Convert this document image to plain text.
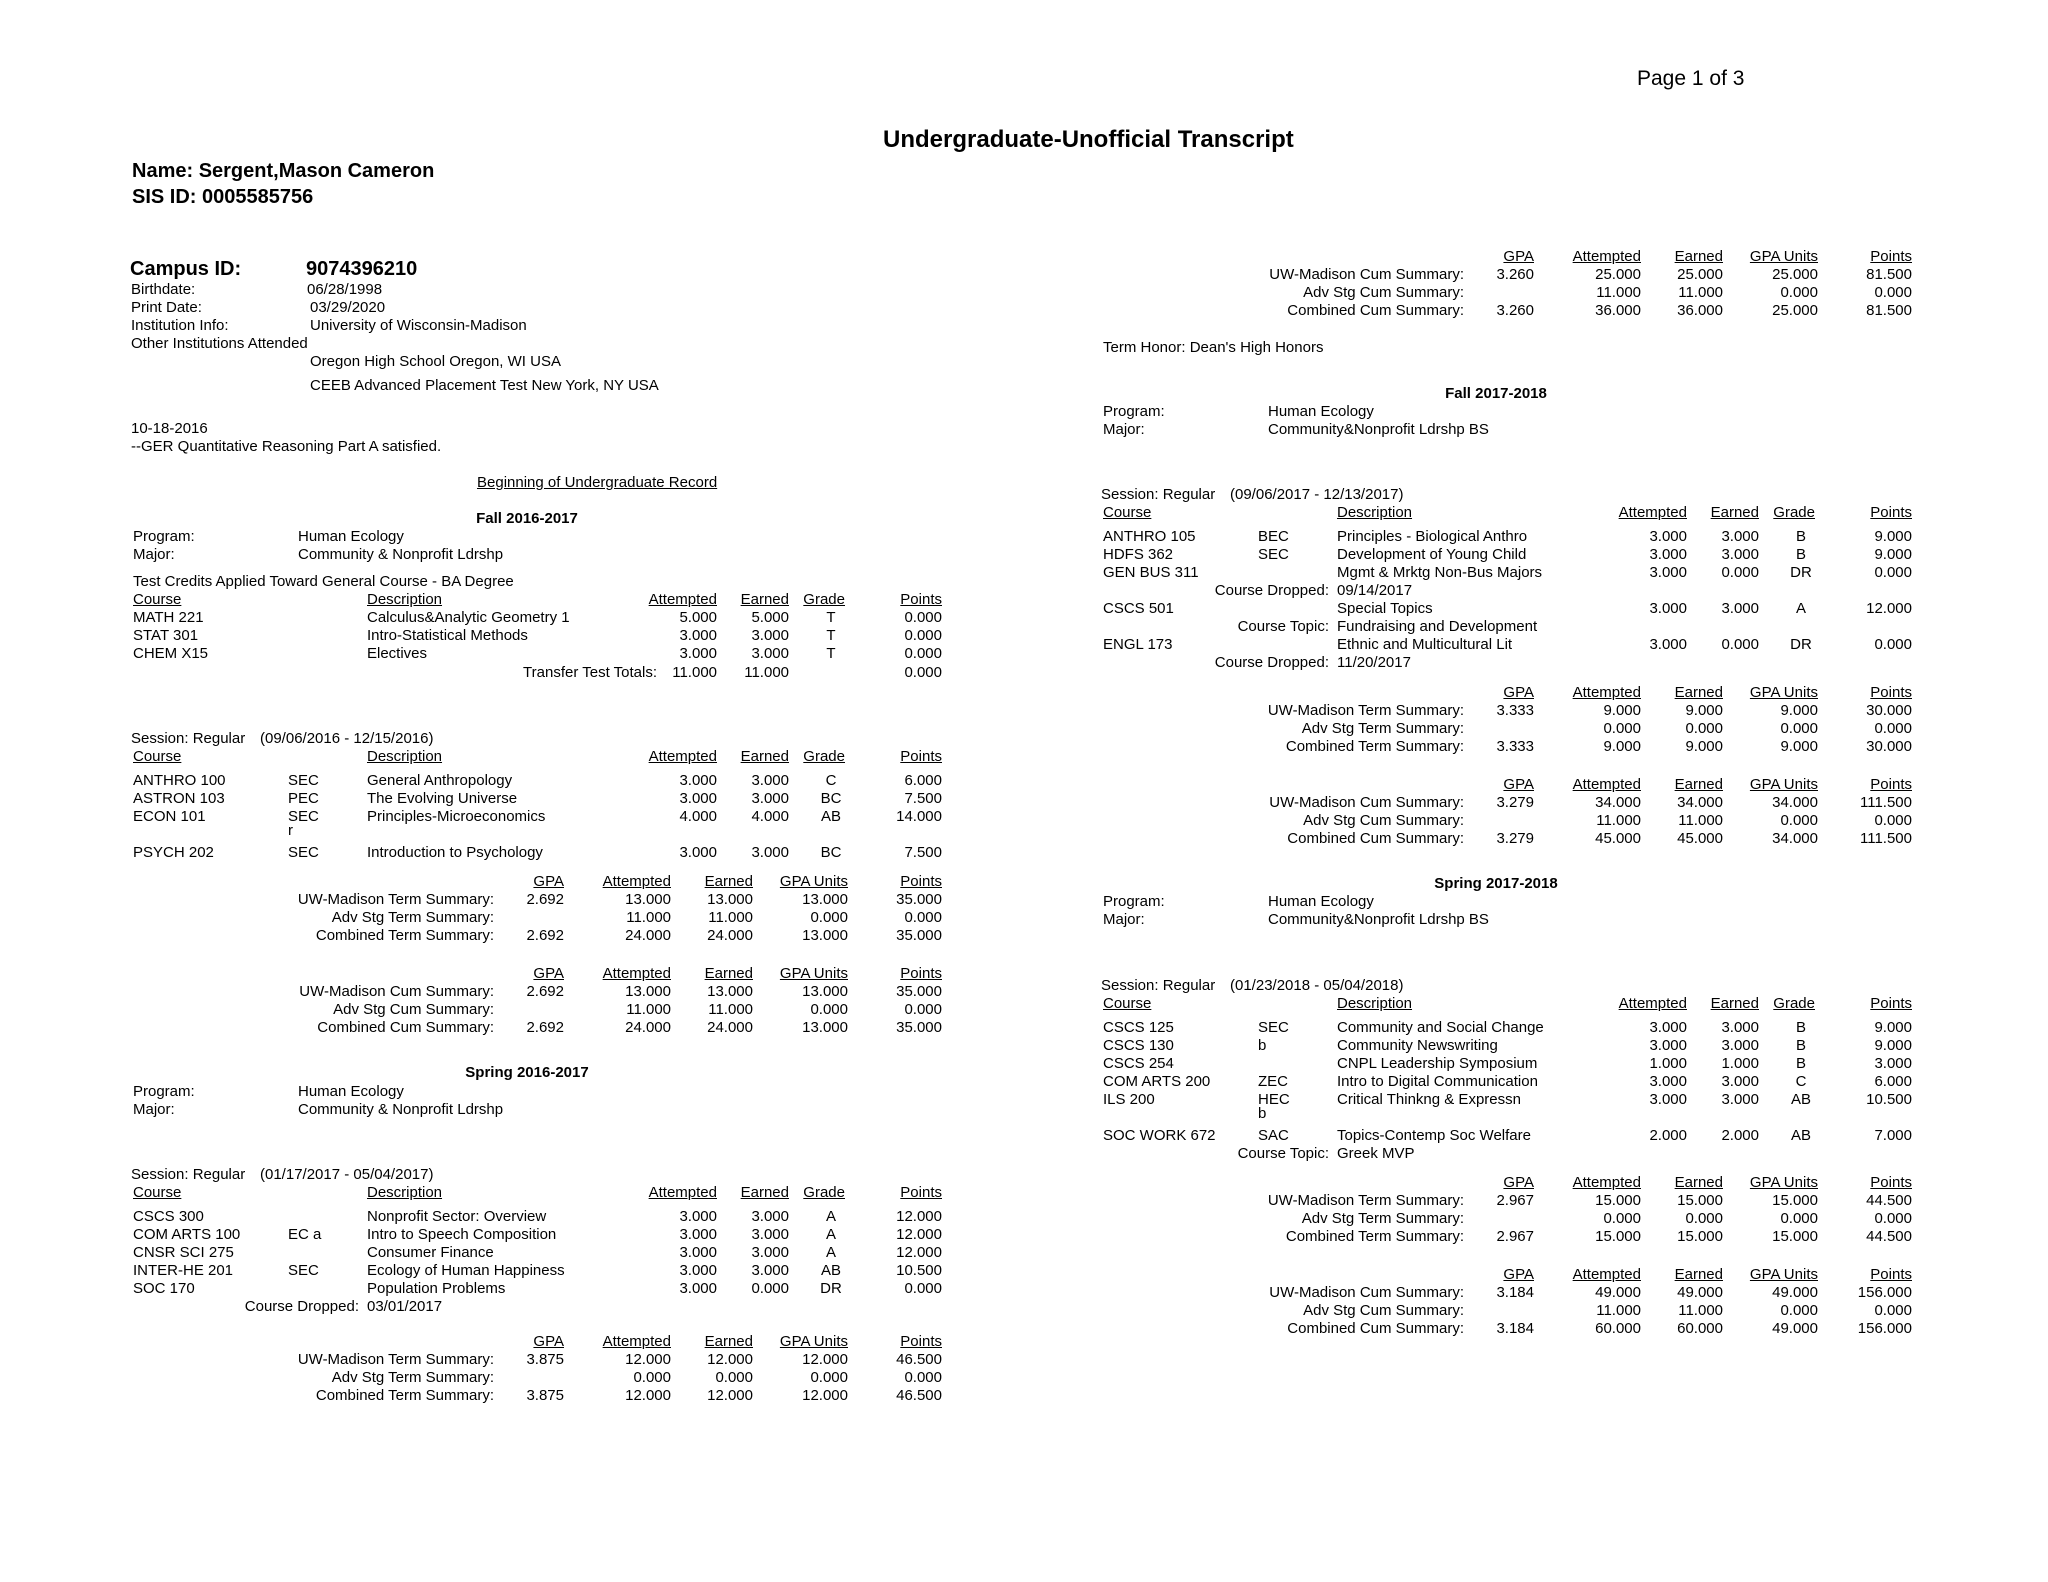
Page 1 of 3
Undergraduate-Unofficial Transcript
Name: Sergent,Mason Cameron
SIS ID: 0005585756
Campus ID:	9074396210
Birthdate:	06/28/1998
Print Date:	03/29/2020
Institution Info:	University of Wisconsin-Madison
Other Institutions Attended
Oregon High School Oregon, WI USA
CEEB Advanced Placement Test New York, NY USA
10-18-2016
--GER Quantitative Reasoning Part A satisfied.
Beginning of Undergraduate Record
Fall 2016-2017
Program:	Human Ecology
Major:	Community & Nonprofit Ldrshp
Test Credits Applied Toward General Course - BA Degree
Course	Description	Attempted Earned Grade	Points
MATH 221	Calculus&Analytic Geometry 1	5.000 5.000	T	0.000
STAT 301	Intro-Statistical Methods	3.000 3.000	T	0.000
CHEM X15	Electives	3.000 3.000	T	0.000
Transfer Test Totals: 11.000 11.000	0.000
Session: Regular (09/06/2016 - 12/15/2016)
Course	Description	Attempted Earned Grade	Points
ANTHRO 100	SEC	General Anthropology	3.000 3.000	C	6.000
ASTRON 103	PEC	The Evolving Universe	3.000 3.000	BC	7.500
ECON 101	SEC	Principles-Microeconomics	4.000 4.000	AB	14.000
r
PSYCH 202	SEC	Introduction to Psychology	3.000 3.000	BC	7.500
GPA	Attempted Earned GPA Units	Points
UW-Madison Term Summary: 2.692	13.000 13.000	13.000	35.000
Adv Stg Term Summary:	11.000 11.000	0.000	0.000
Combined Term Summary: 2.692	24.000 24.000	13.000	35.000
GPA	Attempted Earned GPA Units	Points
UW-Madison Cum Summary: 2.692	13.000 13.000	13.000	35.000
Adv Stg Cum Summary:	11.000 11.000	0.000	0.000
Combined Cum Summary: 2.692	24.000 24.000	13.000	35.000
Spring 2016-2017
Program:	Human Ecology
Major:	Community & Nonprofit Ldrshp
Session: Regular (01/17/2017 - 05/04/2017)
Course	Description	Attempted Earned Grade	Points
CSCS 300	Nonprofit Sector: Overview	3.000 3.000	A	12.000
COM ARTS 100	EC a	Intro to Speech Composition	3.000 3.000	A	12.000
CNSR SCI 275	Consumer Finance	3.000 3.000	A	12.000
INTER-HE 201	SEC	Ecology of Human Happiness	3.000 3.000	AB	10.500
SOC 170	Population Problems	3.000 0.000	DR	0.000
Course Dropped: 03/01/2017
GPA	Attempted Earned GPA Units	Points
UW-Madison Term Summary: 3.875	12.000 12.000	12.000	46.500
Adv Stg Term Summary:	0.000	0.000	0.000	0.000
Combined Term Summary: 3.875	12.000 12.000	12.000	46.500
GPA	Attempted Earned GPA Units	Points
UW-Madison Cum Summary: 3.260	25.000 25.000	25.000	81.500
Adv Stg Cum Summary:	11.000 11.000	0.000	0.000
Combined Cum Summary: 3.260	36.000 36.000	25.000	81.500
Term Honor: Dean's High Honors
Fall 2017-2018
Program:	Human Ecology
Major:	Community&Nonprofit Ldrshp BS
Session: Regular (09/06/2017 - 12/13/2017)
Course	Description	Attempted Earned Grade	Points
ANTHRO 105	BEC	Principles - Biological Anthro	3.000 3.000	B	9.000
HDFS 362	SEC	Development of Young Child	3.000 3.000	B	9.000
GEN BUS 311	Mgmt & Mrktg Non-Bus Majors	3.000 0.000	DR	0.000
Course Dropped: 09/14/2017
CSCS 501	Special Topics	3.000 3.000	A	12.000
Course Topic: Fundraising and Development
ENGL 173	Ethnic and Multicultural Lit	3.000 0.000	DR	0.000
Course Dropped: 11/20/2017
GPA	Attempted Earned GPA Units	Points
UW-Madison Term Summary: 3.333	9.000	9.000	9.000	30.000
Adv Stg Term Summary:	0.000	0.000	0.000	0.000
Combined Term Summary: 3.333	9.000	9.000	9.000	30.000
GPA	Attempted Earned GPA Units	Points
UW-Madison Cum Summary: 3.279	34.000 34.000	34.000	111.500
Adv Stg Cum Summary:	11.000 11.000	0.000	0.000
Combined Cum Summary: 3.279	45.000 45.000	34.000	111.500
Spring 2017-2018
Program:	Human Ecology
Major:	Community&Nonprofit Ldrshp BS
Session: Regular (01/23/2018 - 05/04/2018)
Course	Description	Attempted Earned Grade	Points
CSCS 125	SEC	Community and Social Change	3.000 3.000	B	9.000
CSCS 130	b	Community Newswriting	3.000 3.000	B	9.000
CSCS 254	CNPL Leadership Symposium	1.000 1.000	B	3.000
COM ARTS 200	ZEC	Intro to Digital Communication	3.000 3.000	C	6.000
ILS 200	HEC	Critical Thinkng & Expressn	3.000 3.000	AB	10.500
b
SOC WORK 672	SAC	Topics-Contemp Soc Welfare	2.000 2.000	AB	7.000
Course Topic: Greek MVP
GPA	Attempted Earned GPA Units	Points
UW-Madison Term Summary: 2.967	15.000 15.000	15.000	44.500
Adv Stg Term Summary:	0.000	0.000	0.000	0.000
Combined Term Summary: 2.967	15.000 15.000	15.000	44.500
GPA	Attempted Earned GPA Units	Points
UW-Madison Cum Summary: 3.184	49.000 49.000	49.000	156.000
Adv Stg Cum Summary:	11.000 11.000	0.000	0.000
Combined Cum Summary: 3.184	60.000 60.000	49.000	156.000
